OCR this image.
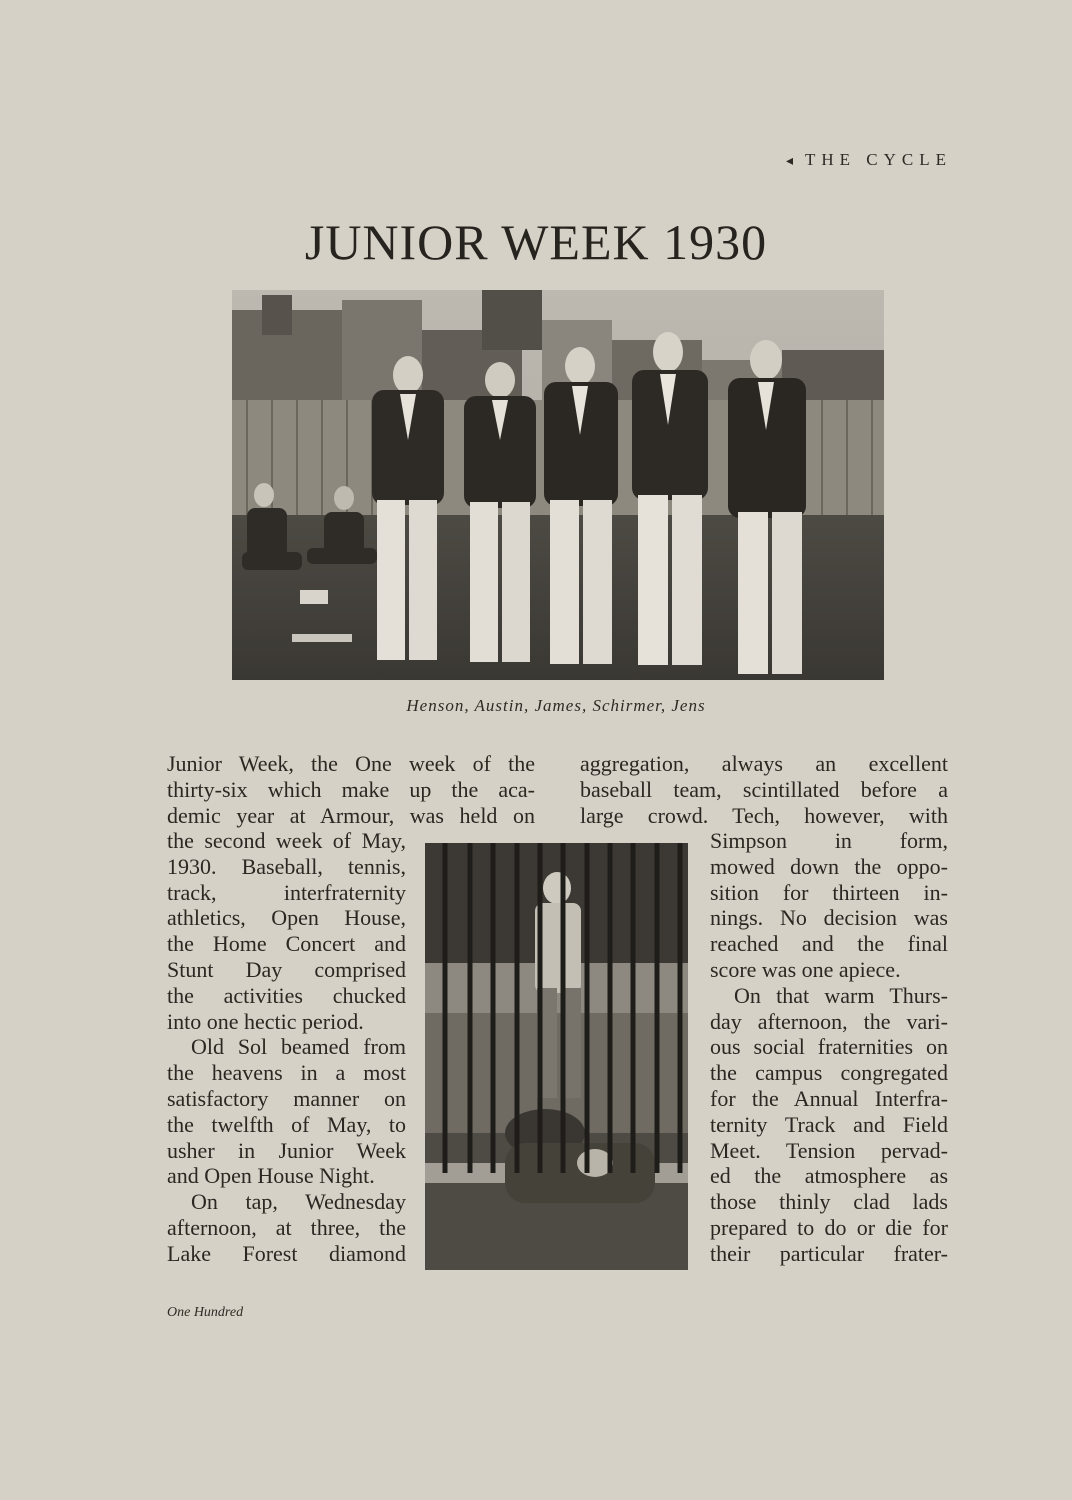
◂ THE CYCLE
JUNIOR WEEK 1930
Henson, Austin, James, Schirmer, Jens
Junior Week, the One week of the
thirty-six which make up the aca-
demic year at Armour, was held on
the second week of May,
1930. Baseball, tennis,
track, interfraternity
athletics, Open House,
the Home Concert and
Stunt Day comprised
the activities chucked
into one hectic period.
Old Sol beamed from
the heavens in a most
satisfactory manner on
the twelfth of May, to
usher in Junior Week
and Open House Night.
On tap, Wednesday
afternoon, at three, the
Lake Forest diamond
aggregation, always an excellent
baseball team, scintillated before a
large crowd. Tech, however, with
Simpson in form,
mowed down the oppo-
sition for thirteen in-
nings. No decision was
reached and the final
score was one apiece.
On that warm Thurs-
day afternoon, the vari-
ous social fraternities on
the campus congregated
for the Annual Interfra-
ternity Track and Field
Meet. Tension pervad-
ed the atmosphere as
those thinly clad lads
prepared to do or die for
their particular frater-
One Hundred
